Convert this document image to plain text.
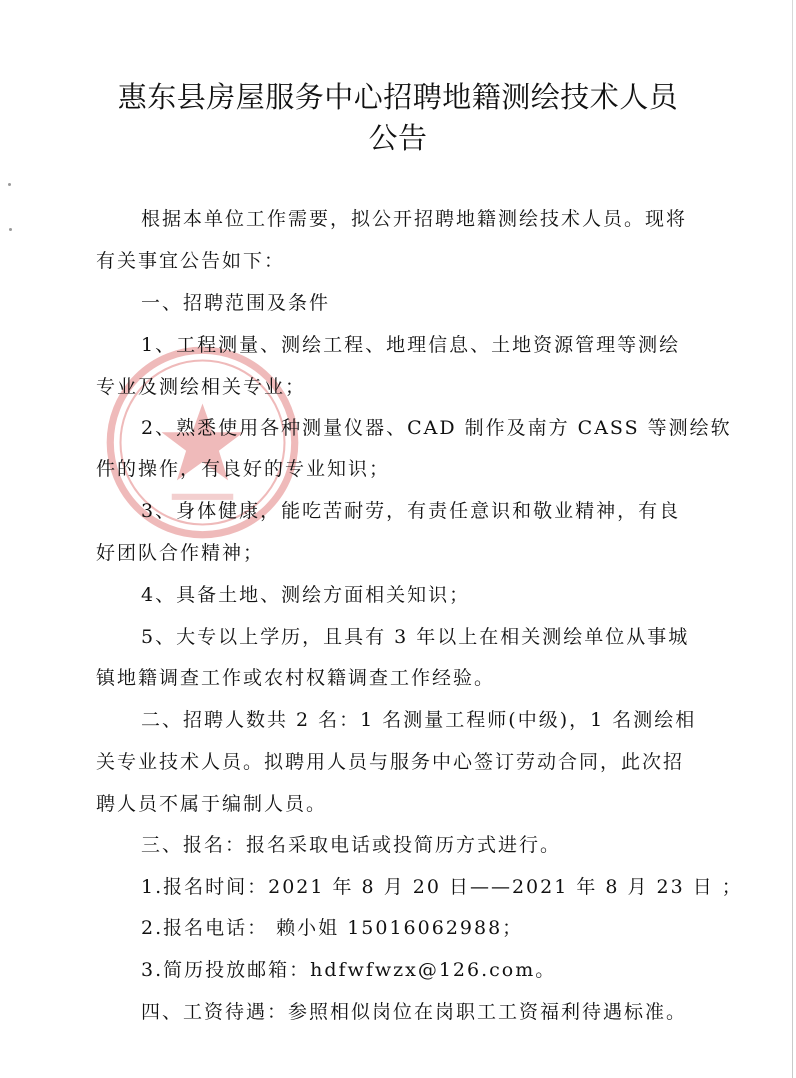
惠东县房屋服务中心招聘地籍测绘技术人员
公告
根据本单位工作需要，拟公开招聘地籍测绘技术人员。现将
有关事宜公告如下：
一、招聘范围及条件
1、工程测量、测绘工程、地理信息、土地资源管理等测绘
专业及测绘相关专业；
2、熟悉使用各种测量仪器、CAD 制作及南方 CASS 等测绘软
件的操作，有良好的专业知识；
3、身体健康，能吃苦耐劳，有责任意识和敬业精神，有良
好团队合作精神；
4、具备土地、测绘方面相关知识；
5、大专以上学历，且具有 3 年以上在相关测绘单位从事城
镇地籍调查工作或农村权籍调查工作经验。
二、招聘人数共 2 名：1 名测量工程师(中级)，1 名测绘相
关专业技术人员。拟聘用人员与服务中心签订劳动合同，此次招
聘人员不属于编制人员。
三、报名：报名采取电话或投简历方式进行。
1.报名时间：2021 年 8 月 20 日——2021 年 8 月 23 日 ；
2.报名电话： 赖小姐 15016062988；
3.简历投放邮箱：hdfwfwzx@126.com。
四、工资待遇：参照相似岗位在岗职工工资福利待遇标准。
